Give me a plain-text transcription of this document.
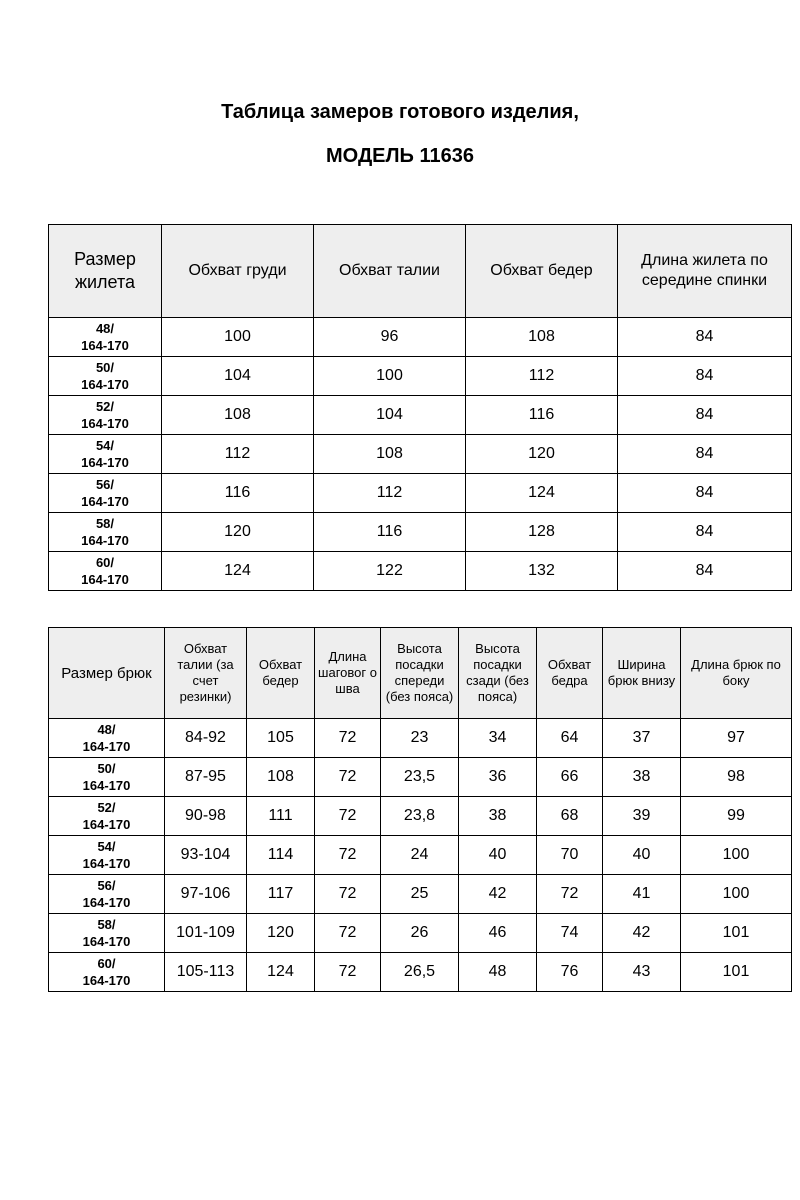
Таблица замеров готового изделия,
МОДЕЛЬ 11636
Размер жилета	Обхват груди	Обхват талии	Обхват бедер	Длина жилета по середине спинки

48/
164-170	100	96	108	84

50/
164-170	104	100	112	84

52/
164-170	108	104	116	84

54/
164-170	112	108	120	84

56/
164-170	116	112	124	84

58/
164-170	120	116	128	84

60/
164-170	124	122	132	84
Размер брюк	Обхват талии (за счет резинки)	Обхват бедер	Длина шаговог о шва	Высота посадки спереди (без пояса)	Высота посадки сзади (без пояса)	Обхват бедра	Ширина брюк внизу	Длина брюк по боку

48/
164-170	84-92	105	72	23	34	64	37	97

50/
164-170	87-95	108	72	23,5	36	66	38	98

52/
164-170	90-98	111	72	23,8	38	68	39	99

54/
164-170	93-104	114	72	24	40	70	40	100

56/
164-170	97-106	117	72	25	42	72	41	100

58/
164-170	101-109	120	72	26	46	74	42	101

60/
164-170	105-113	124	72	26,5	48	76	43	101
